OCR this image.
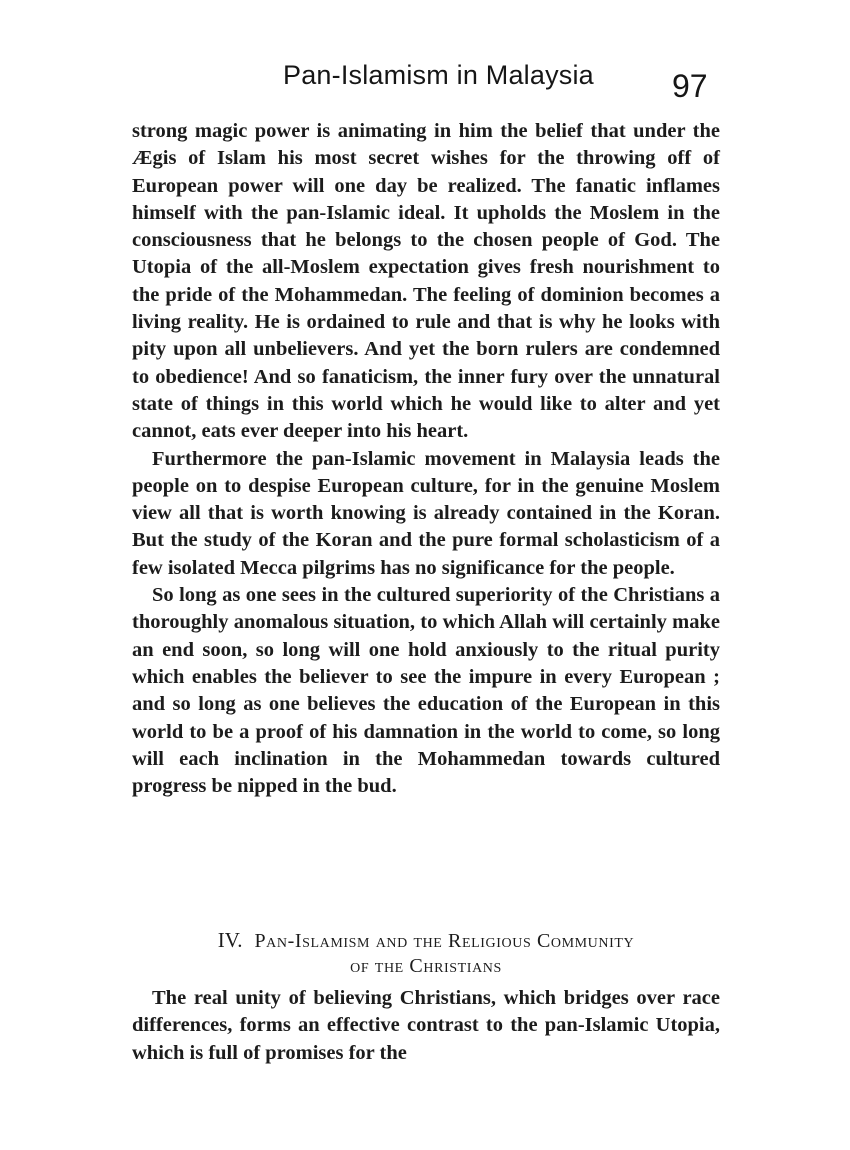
Pan-Islamism in Malaysia 97

strong magic power is animating in him the belief that under the Ægis of Islam his most secret wishes for the throwing off of European power will one day be realized. The fanatic inflames himself with the pan-Islamic ideal. It upholds the Moslem in the consciousness that he belongs to the chosen people of God. The Utopia of the all-Moslem expectation gives fresh nourishment to the pride of the Mohammedan. The feeling of dominion becomes a living reality. He is ordained to rule and that is why he looks with pity upon all unbelievers. And yet the born rulers are condemned to obedience! And so fanaticism, the inner fury over the unnatural state of things in this world which he would like to alter and yet cannot, eats ever deeper into his heart.

Furthermore the pan-Islamic movement in Malaysia leads the people on to despise European culture, for in the genuine Moslem view all that is worth knowing is already contained in the Koran. But the study of the Koran and the pure formal scholasticism of a few isolated Mecca pilgrims has no significance for the people.

So long as one sees in the cultured superiority of the Christians a thoroughly anomalous situation, to which Allah will certainly make an end soon, so long will one hold anxiously to the ritual purity which enables the believer to see the impure in every European ; and so long as one believes the education of the European in this world to be a proof of his damnation in the world to come, so long will each inclination in the Mohammedan towards cultured progress be nipped in the bud.

IV. Pan-Islamism and the Religious Community
of the Christians

The real unity of believing Christians, which bridges over race differences, forms an effective contrast to the pan-Islamic Utopia, which is full of promises for the
